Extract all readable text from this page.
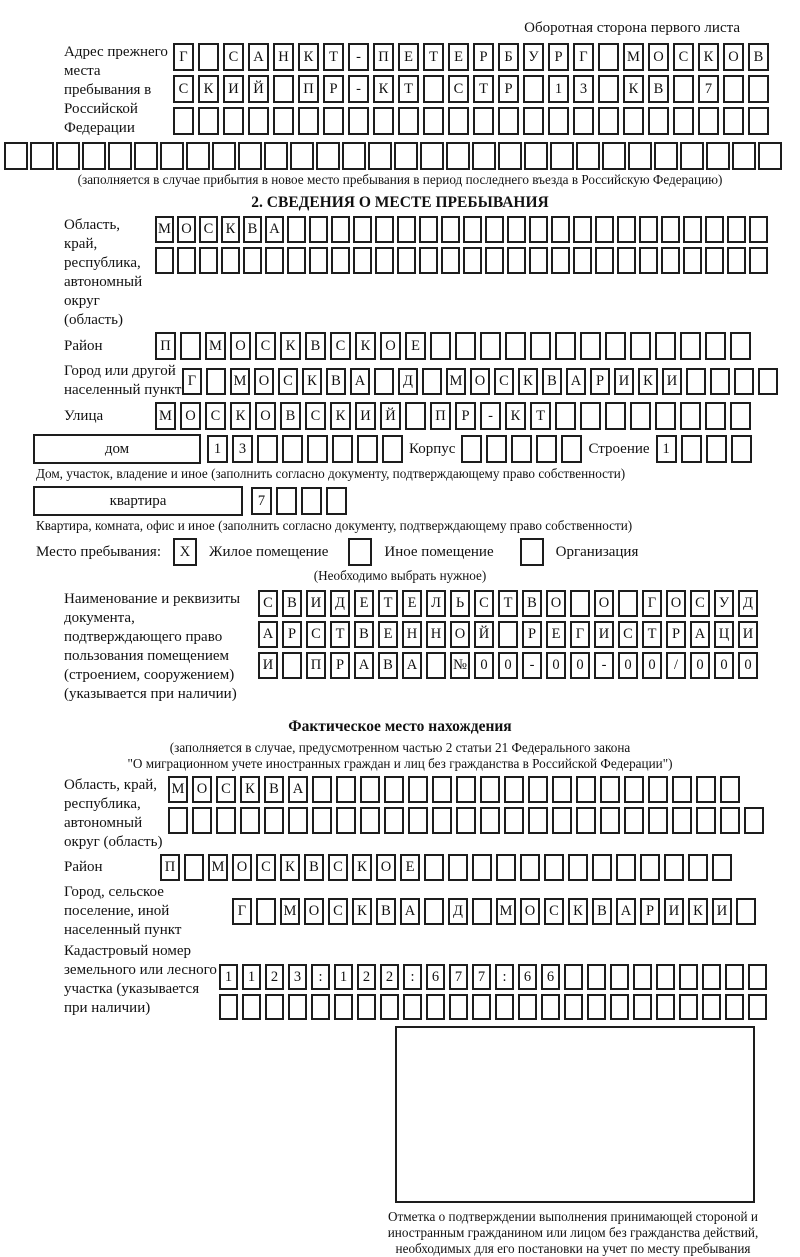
Оборотная сторона первого листа
Адрес прежнего места пребывания в Российской Федерации
Г	С	А	Н	К	Т	-	П	Е	Т	Е	Р	Б	У	Р	Г	М О	С	К	О	В
С	К	И	Й	П	Р	-	К	Т	С	Т	Р	1	3	К	В	7
(заполняется в случае прибытия в новое место пребывания в период последнего въезда в Российскую Федерацию)
2. СВЕДЕНИЯ О МЕСТЕ ПРЕБЫВАНИЯ
Область, край, республика, автономный округ (область)
М О С К В А
Район	П	М О	С	К	В	С	К	О	Е
Город или другой населенный пункт
Г	М О С К В А	Д	М О С К В А	Р	И К И
Улица	М О	С	К	О	В	С	К	И	Й	П	Р	-	К	Т
дом	1	3	Корпус	Строение 1
Дом, участок, владение и иное (заполнить согласно документу, подтверждающему право собственности)
квартира	7
Квартира, комната, офис и иное (заполнить согласно документу, подтверждающему право собственности)
Место пребывания:	X	Жилое помещение	Иное помещение	Организация
(Необходимо выбрать нужное)
Наименование и реквизиты документа, подтверждающего право пользования помещением (строением, сооружением) (указывается при наличии)
С В И Д	Е	Т	Е	Л	Ь	С	Т	В О	О	Г	О С У Д
А	Р	С	Т	В	Е Н Н О Й	Р	Е	Г	И С	Т	Р	А Ц И
И	П	Р	А В А	№ 0	0	-	0	0	-	0	0	/	0	0	0
Фактическое место нахождения
(заполняется в случае, предусмотренном частью 2 статьи 21 Федерального закона
"О миграционном учете иностранных граждан и лиц без гражданства в Российской Федерации")
Область, край, республика, автономный округ (область)
М О С К В А
Район	П	М О С К В С К О Е
Город, сельское поселение, иной населенный пункт
Г	М О С К В А	Д	М О С К В А	Р	И К И
Кадастровый номер земельного или лесного участка (указывается при наличии)
1	1	2	3	:	1	2	2	:	6	7	7	:	6	6
Отметка о подтверждении выполнения принимающей стороной и иностранным гражданином или лицом без гражданства действий, необходимых для его постановки на учет по месту пребывания
